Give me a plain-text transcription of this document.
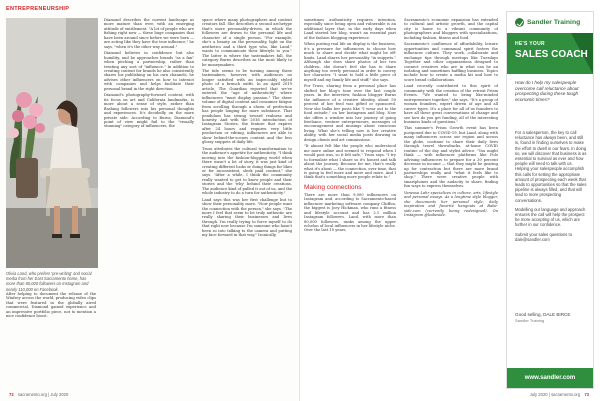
ENTREPRENEURSHIP
Olivia Land, who prefers 'pre-writing' and social media from her East Sacramento home, has more than 80,000 followers on Instagram and nearly 110,000 on Facebook.

After helping to document the release of the Winfrey across the world, producing video clips that were featured in the globally aired commercial, Diamond gained experience and an impressive portfolio piece, not to mention a nice confidence boost.

Diamond describes the current landscape as more mature than ever, with an emerging attitude of entitlement. "A lot of people who are fishing right now — these huge companies that have been around since before we were born — are acting like they have the true influence," he says, "when it's the other way around."

Diamond believes in confidence but also humility, and he approaches brands "as a fan" when pitching a partnership, rather than treating any sort of "influence." In addition to creating content for brands he also consistently shares his publishing on his own channels, he advises other influencers on how to interact with companies and helps facilitate their personal brand in the right direction.

Diamond's photography-forward content, with its focus on art and California landmarks, is more about a sense of style, rather than flashing followers into his personal thoughts and experiences. It's decidedly on the more private side. According to Burns, Diamond's point of view might fail to the "visually stunning" category of influencers, the

space where many photographers and content creators fall. She describes a second archetype that's more personality-driven, in which the followers are drawn to the personal life and character of a single person. "For example, she's a beauty on the personality, light on the aesthetics and a third type who, like Land," wants to communicate their lifestyle to you." The latter is where the tastemakers fall, the category Burns describes as the most likely to be moneymakers.

The tide seems to be turning among these tastemakers, however, with audiences no longer satisfied with an impeccably styled photo of a brunch outfit. In an April 2019 article, The Guardian reported that we've entered the "age of authenticity" where influencers "must display passion." The sheer volume of digital content and consumer fatigue from scrolling through a sheen of perfection has people longing for more substance. That pendulum has swung toward realness and honesty. And with the 2016 introduction of Instagram Stories, the feature that expires after 24 hours and requires very little production or editing, influencers are able to show behind-the-scenes content and the less glossy snippets of daily life.

Truss attributes the cultural transformation to the audience's appetite for authenticity. "I think moving into the fashion-blogging world when there wasn't a lot of story, it was just kind of creating different looks or doing things for likes or for inconsistent, sleek paid content," she says. "After a while, I think the community really wanted to get to know people and their stories and the 'why' behind their creations. The audience kind of pulled it out of us, and the whole industry to do a turn for authenticity."

Land says this was her first challenge but to show their personality more. "Now people want the connection with the person," she says. "The more I feel that seem to be truly authentic are really sharing their businesses and lives through. I'm really trying to force myself to do that right now because I'm someone who hasn't been so into talking to the camera and putting my face forward in that way." Ironically,

72 sacramento.org | July 2020

sometimes authenticity requires intention, especially since being open and vulnerable is an additional layer that, in the early days when Land started her blog, wasn't an essential part of the fashion blogging experience.

When posting real life on display is the business, it's a pressure for influencers to choose how much to share and decide what might be off-limits. Land shares her personality "in snippets." Although she does share photos of her two children, she doesn't feel she has to share anything too overly personal in order to convey her character. "I want to hold a little piece of myself and my family life and stuff," she says.

For Truss, sharing from a personal place has shifted her blog's tone over the last couple years. In the interview, fashion blogger Burns the influence of a creative identity, about 50 percent of her feed was gifted or sponsored. Now she bulks her posts like "I wear out to the food outside," on her Instagram and blog. Now she offers a window into her journey of going freelance, venture entrepreneurs, messages of encouragement and musings about conscious living. What she's telling now is her creative ability, with her social media posts drawing in design clients and art commissions.

"It almost felt like the people who understood me more online and seemed to respond when I would post was, so it felt safe," Truss says. "I try to formulate what I share so it's honest and talk about the journey. Because for me, that's really what it's about — the connection, over time, that is going to feel more and more and more. And I think that's something more people relate to."

Making connections

There are more than 9,000 influencers on Instagram and, according to Sacramento-based influencer marketing software company Chiffon, the biggest is Joey Hickman, who runs a fitness and lifestyle account and has 2.1 million Instagram followers. Land, with more than 80,000 followers, ranks among the upper echelon of local influencers in her lifestyle niche. Over the last 10 years,

Sacramento's economic expansion has extended to cultural and artistic growth, and the capital city is home to a vibrant community of photographers and bloggers with specializations, including fashion, fitness and food.

Sacramento's confluence of affordability, leisure opportunities and communal spirit fosters the influencer culture. They work, collaborate and exchange tips through meetups like Tuesdays Together and other organizations designed to connect creatives who are in what can be an isolating and sometimes baffling business. Topics include how to create a media kit and how to score brand collaborations.

Land recently contributed to this spirit of community with the creation of the retreat Prism Events. "We wanted to bring like-minded entrepreneurs together," she says. "It's a group of women founders, expert driven of age and all career types. It's a place for all of us founders to have all these great conversations of change and see how do you get funding, all of the interesting business kinds of questions."

This summer's Prism Growth event has been postponed due to COVID-19, but Land, along with many influencers across our region and across the globe, continue to share their daily lives through travel throwbacks, at-home COVID routine of the day and stylist advice. "You might think — with influencer platforms like Polo advising influencers to prepare for a 30 percent decrease in income — that they might be gearing up for contraction but there are more brand partnerships really and "what it feels like to shop." There were creative people with smartphones and the audacity to share, finding fun ways to express themselves.

Vanessa Lahr specializes in culture, arts, lifestyle and personal essays. As a longtime style blogger, she documents her personal style, daily inspiration and favorite hangouts at Babe-side.com (currently being redesigned). On Instagram @babeside.

July 2020 | sacramento.org 73
Sandler Training
HE'S YOUR
SALES COACH
How do I help my salespeople overcome call reluctance about prospecting during these tough economic times?

For a salesperson, the key to call reluctance has always been, and still is, found in finding ourselves to make the effort to dwell in our fears. In doing so, we will discover that business is as essential to survival as ever and how people will need to talk with us. Helping your salespeople accomplish this calls for setting the appropriate amount of prospecting each week that leads to opportunities so that the sales pipeline is always filled, and that will lead to more prospecting conversations.

Modelling our language and approach ensures the call will help the prospect be more accepting of us, which are further in our confidence.

Submit your sales questions to dale@sandler.com

Good selling, DALE BIRCE
Sandler Training
www.sandler.com
